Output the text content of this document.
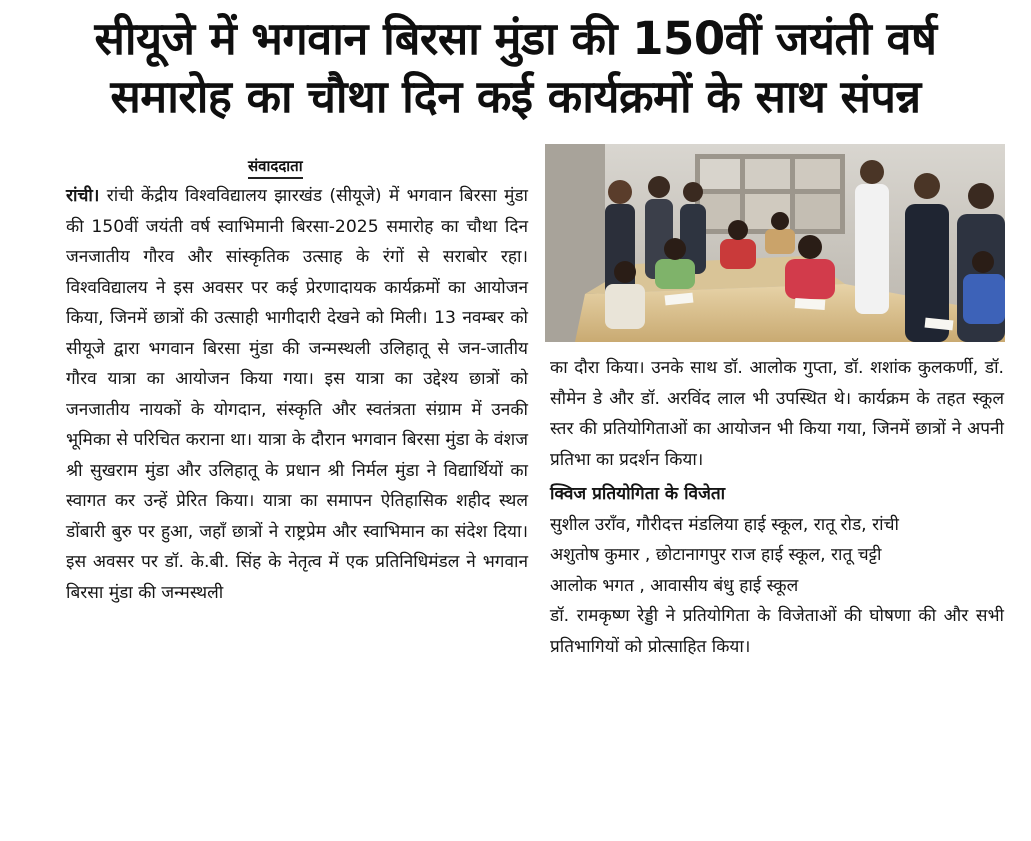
सीयूजे में भगवान बिरसा मुंडा की 150वीं जयंती वर्ष
समारोह का चौथा दिन कई कार्यक्रमों के साथ संपन्न
संवाददाता

रांची। रांची केंद्रीय विश्वविद्यालय झारखंड (सीयूजे) में भगवान बिरसा मुंडा की 150वीं जयंती वर्ष स्वाभिमानी बिरसा-2025 समारोह का चौथा दिन जनजातीय गौरव और सांस्कृतिक उत्साह के रंगों से सराबोर रहा। विश्वविद्यालय ने इस अवसर पर कई प्रेरणादायक कार्यक्रमों का आयोजन किया, जिनमें छात्रों की उत्साही भागीदारी देखने को मिली। 13 नवम्बर को सीयूजे द्वारा भगवान बिरसा मुंडा की जन्मस्थली उलिहातू से जन-जातीय गौरव यात्रा का आयोजन किया गया। इस यात्रा का उद्देश्य छात्रों को जनजातीय नायकों के योगदान, संस्कृति और स्वतंत्रता संग्राम में उनकी भूमिका से परिचित कराना था। यात्रा के दौरान भगवान बिरसा मुंडा के वंशज श्री सुखराम मुंडा और उलिहातू के प्रधान श्री निर्मल मुंडा ने विद्यार्थियों का स्वागत कर उन्हें प्रेरित किया। यात्रा का समापन ऐतिहासिक शहीद स्थल डोंबारी बुरु पर हुआ, जहाँ छात्रों ने राष्ट्रप्रेम और स्वाभिमान का संदेश दिया। इस अवसर पर डॉ. के.बी. सिंह के नेतृत्व में एक प्रतिनिधिमंडल ने भगवान बिरसा मुंडा की जन्मस्थली

का दौरा किया। उनके साथ डॉ. आलोक गुप्ता, डॉ. शशांक कुलकर्णी, डॉ. सौमेन डे और डॉ. अरविंद लाल भी उपस्थित थे। कार्यक्रम के तहत स्कूल स्तर की प्रतियोगिताओं का आयोजन भी किया गया, जिनमें छात्रों ने अपनी प्रतिभा का प्रदर्शन किया।

क्विज प्रतियोगिता के विजेता

सुशील उराँव, गौरीदत्त मंडलिया हाई स्कूल, रातू रोड, रांची

अशुतोष कुमार , छोटानागपुर राज हाई स्कूल, रातू चट्टी

आलोक भगत , आवासीय बंधु हाई स्कूल

डॉ. रामकृष्ण रेड्डी ने प्रतियोगिता के विजेताओं की घोषणा की और सभी प्रतिभागियों को प्रोत्साहित किया।
